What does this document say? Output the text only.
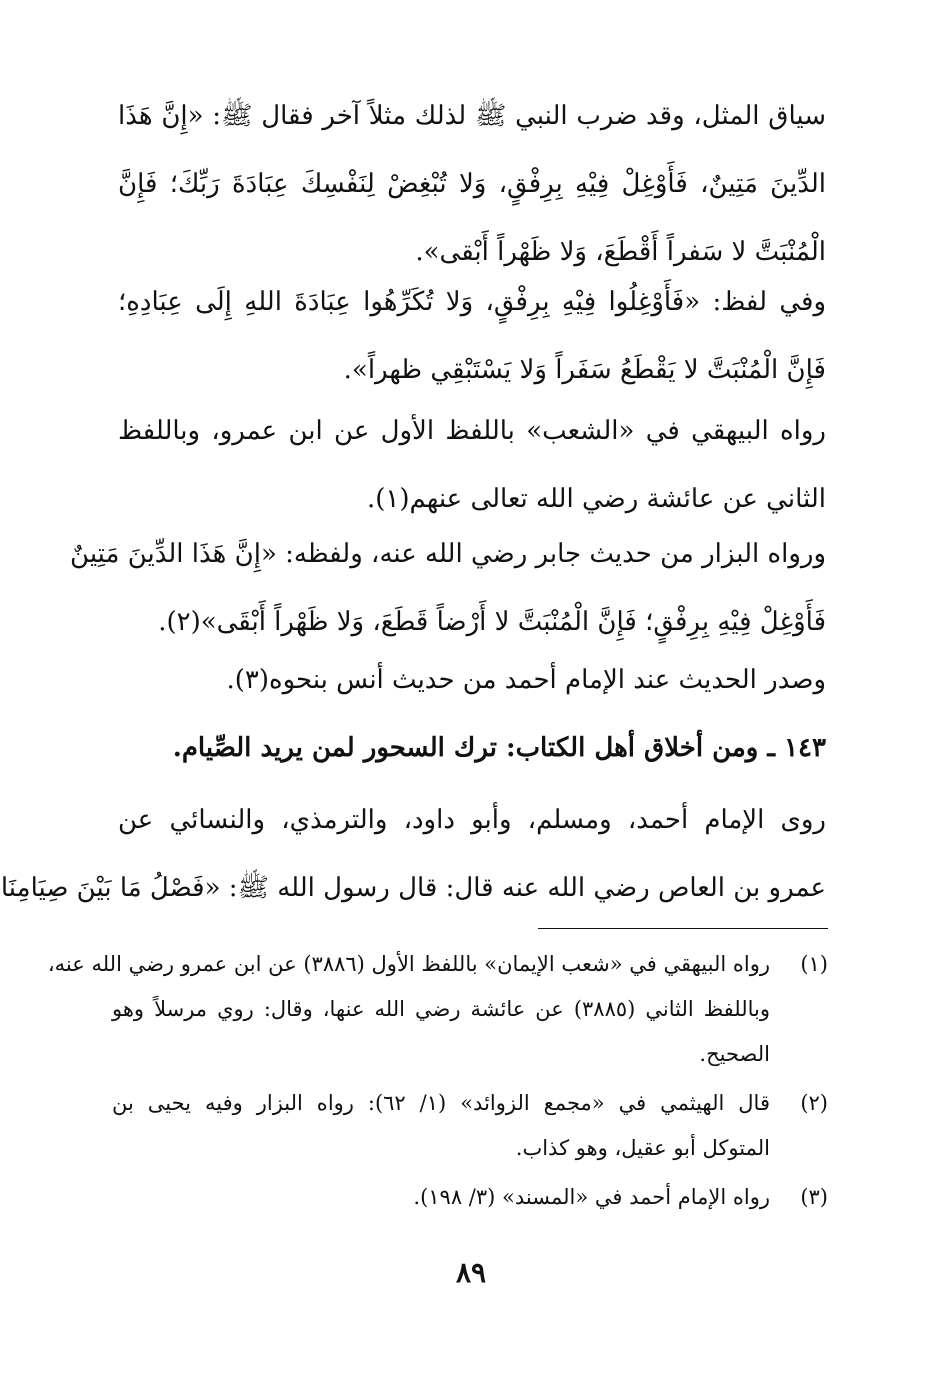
سياق المثل، وقد ضرب النبي ﷺ لذلك مثلاً آخر فقال ﷺ: «إِنَّ هَذَا
الدِّينَ مَتِينٌ، فَأَوْغِلْ فِيْهِ بِرِفْقٍ، وَلا تُبْغِضْ لِنَفْسِكَ عِبَادَةَ رَبِّكَ؛ فَإِنَّ
الْمُنْبَتَّ لا سَفراً أَقْطَعَ، وَلا ظَهْراً أَبْقى».
وفي لفظ: «فَأَوْغِلُوا فِيْهِ بِرِفْقٍ، وَلا تُكَرِّهُوا عِبَادَةَ اللهِ إِلَى عِبَادِهِ؛
فَإِنَّ الْمُنْبَتَّ لا يَقْطَعُ سَفَراً وَلا يَسْتَبْقِي ظهراً».
رواه البيهقي في «الشعب» باللفظ الأول عن ابن عمرو، وباللفظ
الثاني عن عائشة رضي الله تعالى عنهم(١).
ورواه البزار من حديث جابر رضي الله عنه، ولفظه: «إِنَّ هَذَا الدِّينَ مَتِينٌ
فَأَوْغِلْ فِيْهِ بِرِفْقٍ؛ فَإِنَّ الْمُنْبَتَّ لا أَرْضاً قَطَعَ، وَلا ظَهْراً أَبْقَى»(٢).
وصدر الحديث عند الإمام أحمد من حديث أنس بنحوه(٣).
١٤٣ ـ ومن أخلاق أهل الكتاب: ترك السحور لمن يريد الصِّيام.
روى الإمام أحمد، ومسلم، وأبو داود، والترمذي، والنسائي عن
عمرو بن العاص رضي الله عنه قال: قال رسول الله ﷺ: «فَصْلُ مَا بَيْنَ صِيَامِنَا
(١)
رواه البيهقي في «شعب الإيمان» باللفظ الأول (٣٨٨٦) عن ابن عمرو رضي الله عنه،
وباللفظ الثاني (٣٨٨٥) عن عائشة رضي الله عنها، وقال: روي مرسلاً وهو
الصحيح.
(٢)
قال الهيثمي في «مجمع الزوائد» (١/ ٦٢): رواه البزار وفيه يحيى بن
المتوكل أبو عقيل، وهو كذاب.
(٣)
رواه الإمام أحمد في «المسند» (٣/ ١٩٨).
٨٩
